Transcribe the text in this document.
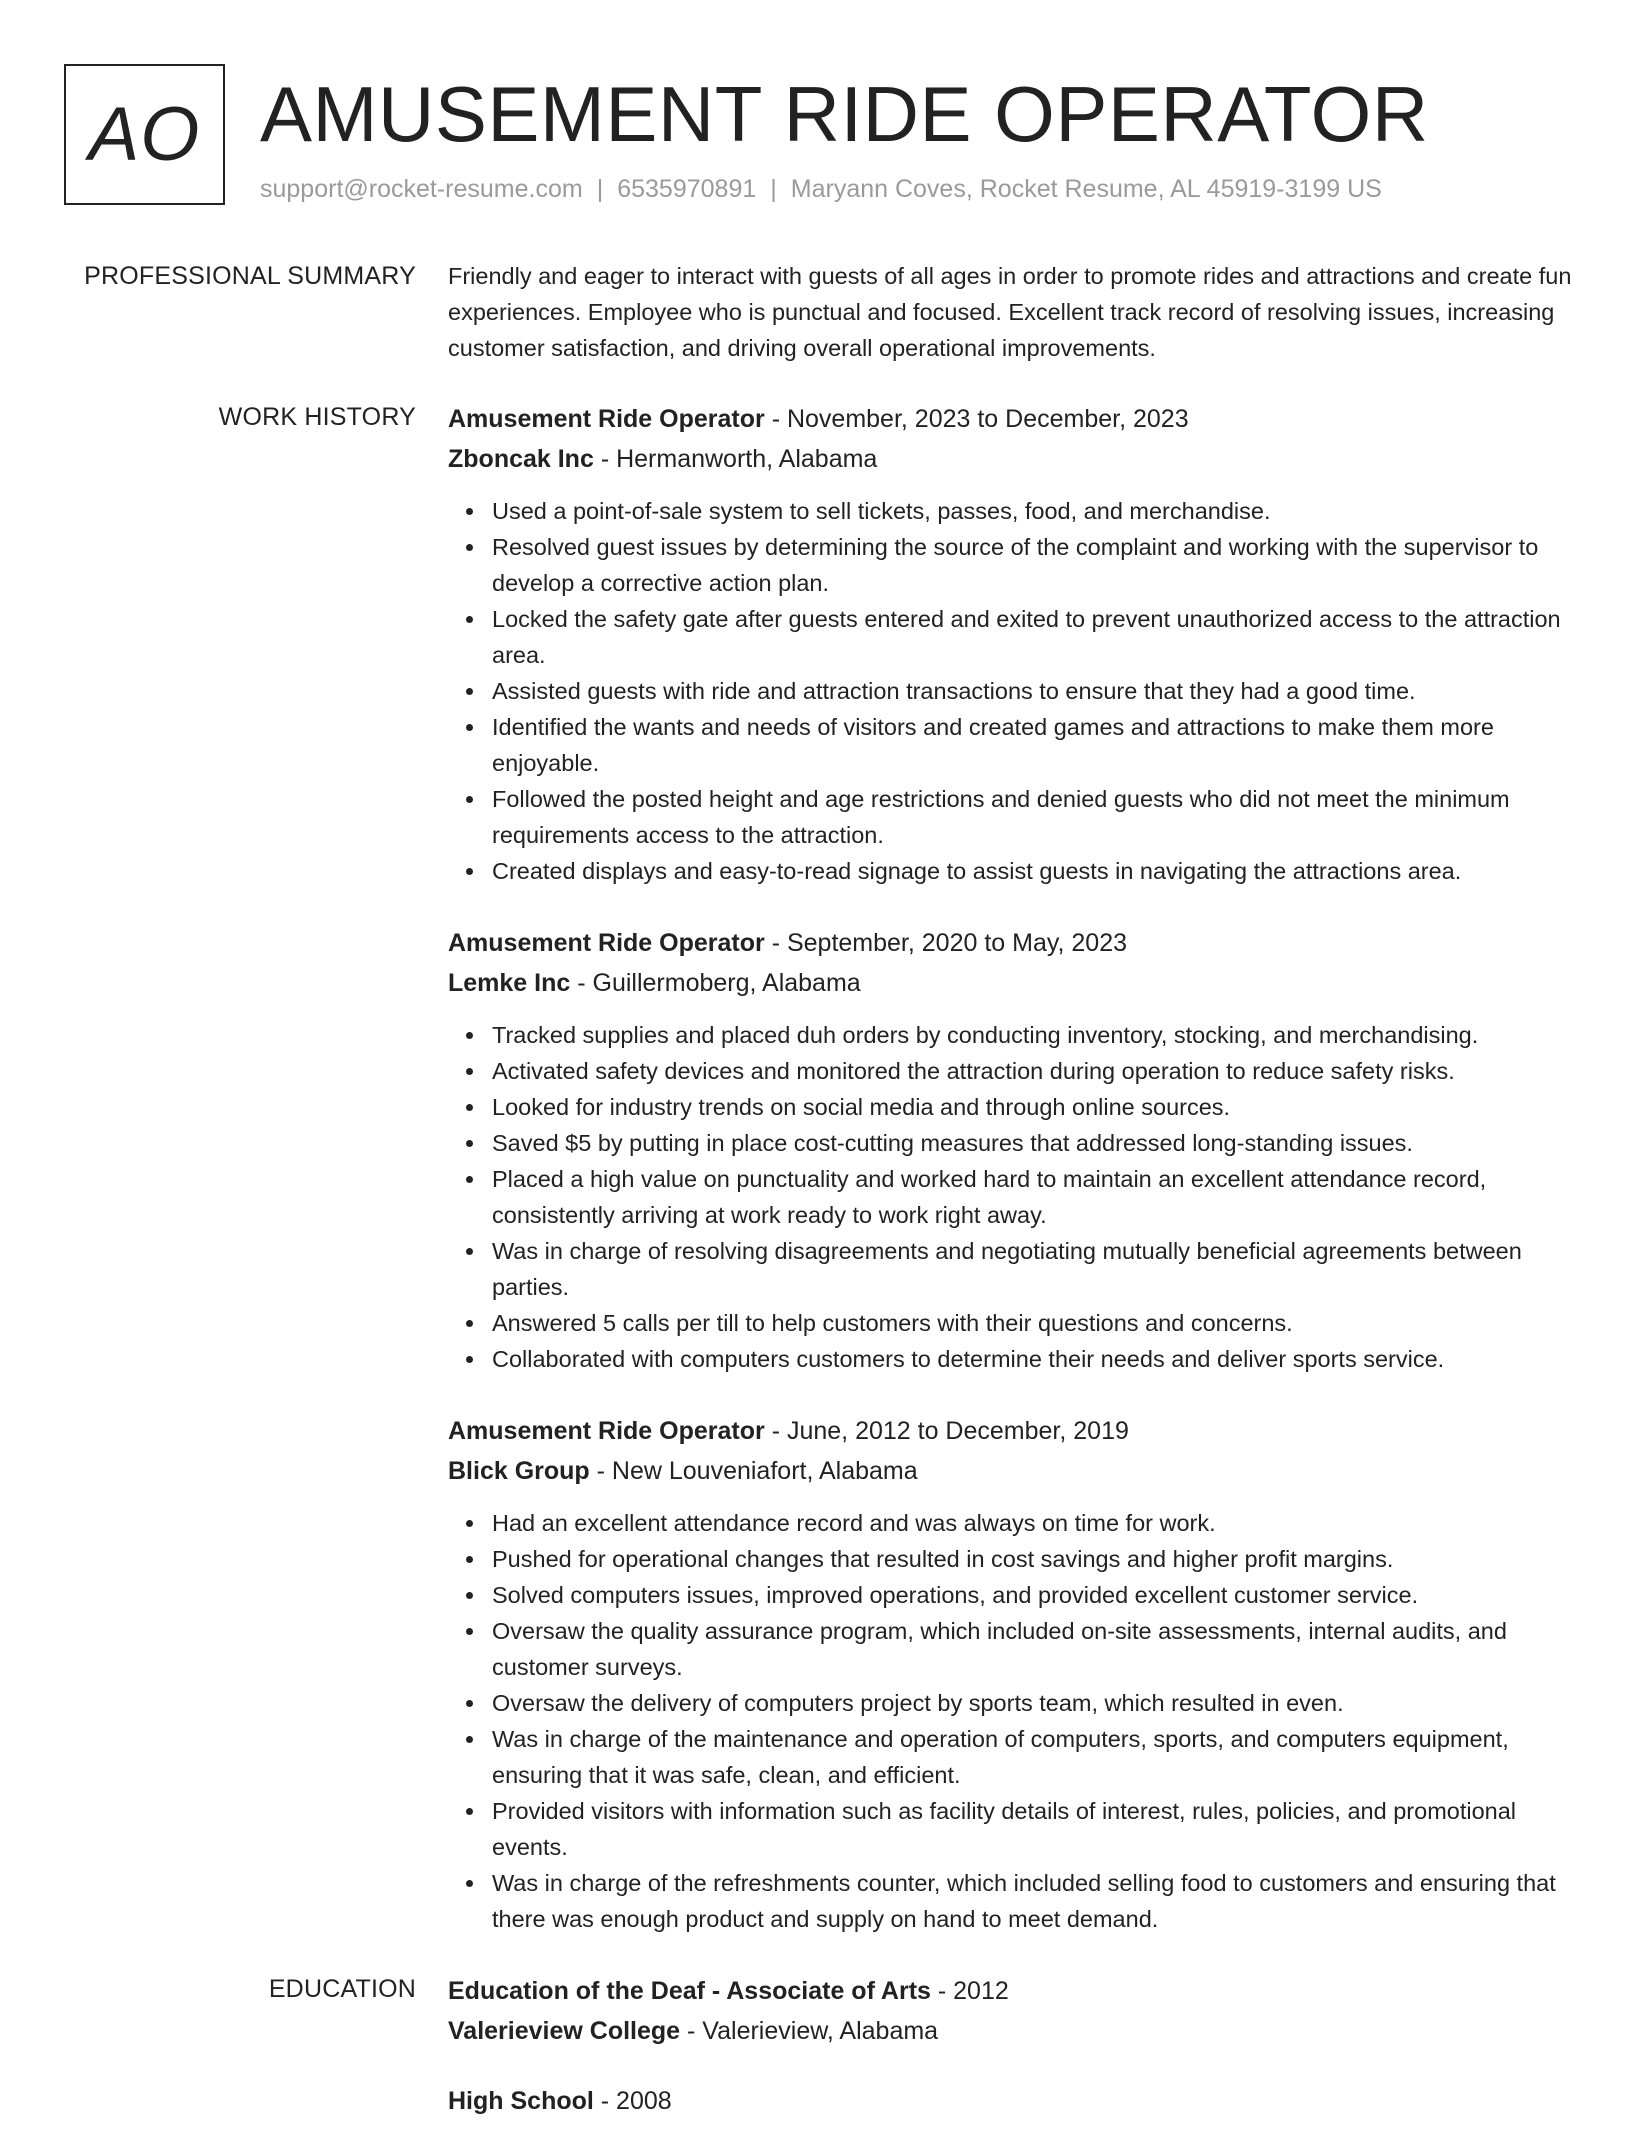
AO AMUSEMENT RIDE OPERATOR
support@rocket-resume.com | 6535970891 | Maryann Coves, Rocket Resume, AL 45919-3199 US
PROFESSIONAL SUMMARY Friendly and eager to interact with guests of all ages in order to promote rides and attractions and create fun experiences. Employee who is punctual and focused. Excellent track record of resolving issues, increasing customer satisfaction, and driving overall operational improvements.

WORK HISTORY Amusement Ride Operator - November, 2023 to December, 2023
Zboncak Inc - Hermanworth, Alabama
Used a point-of-sale system to sell tickets, passes, food, and merchandise.
Resolved guest issues by determining the source of the complaint and working with the supervisor to develop a corrective action plan.
Locked the safety gate after guests entered and exited to prevent unauthorized access to the attraction area.
Assisted guests with ride and attraction transactions to ensure that they had a good time.
Identified the wants and needs of visitors and created games and attractions to make them more enjoyable.
Followed the posted height and age restrictions and denied guests who did not meet the minimum requirements access to the attraction.
Created displays and easy-to-read signage to assist guests in navigating the attractions area.
Amusement Ride Operator - September, 2020 to May, 2023
Lemke Inc - Guillermoberg, Alabama
Tracked supplies and placed duh orders by conducting inventory, stocking, and merchandising.
Activated safety devices and monitored the attraction during operation to reduce safety risks.
Looked for industry trends on social media and through online sources.
Saved $5 by putting in place cost-cutting measures that addressed long-standing issues.
Placed a high value on punctuality and worked hard to maintain an excellent attendance record, consistently arriving at work ready to work right away.
Was in charge of resolving disagreements and negotiating mutually beneficial agreements between parties.
Answered 5 calls per till to help customers with their questions and concerns.
Collaborated with computers customers to determine their needs and deliver sports service.
Amusement Ride Operator - June, 2012 to December, 2019
Blick Group - New Louveniafort, Alabama
Had an excellent attendance record and was always on time for work.
Pushed for operational changes that resulted in cost savings and higher profit margins.
Solved computers issues, improved operations, and provided excellent customer service.
Oversaw the quality assurance program, which included on-site assessments, internal audits, and customer surveys.
Oversaw the delivery of computers project by sports team, which resulted in even.
Was in charge of the maintenance and operation of computers, sports, and computers equipment, ensuring that it was safe, clean, and efficient.
Provided visitors with information such as facility details of interest, rules, policies, and promotional events.
Was in charge of the refreshments counter, which included selling food to customers and ensuring that there was enough product and supply on hand to meet demand.
EDUCATION Education of the Deaf - Associate of Arts - 2012
Valerieview College - Valerieview, Alabama
High School - 2008
